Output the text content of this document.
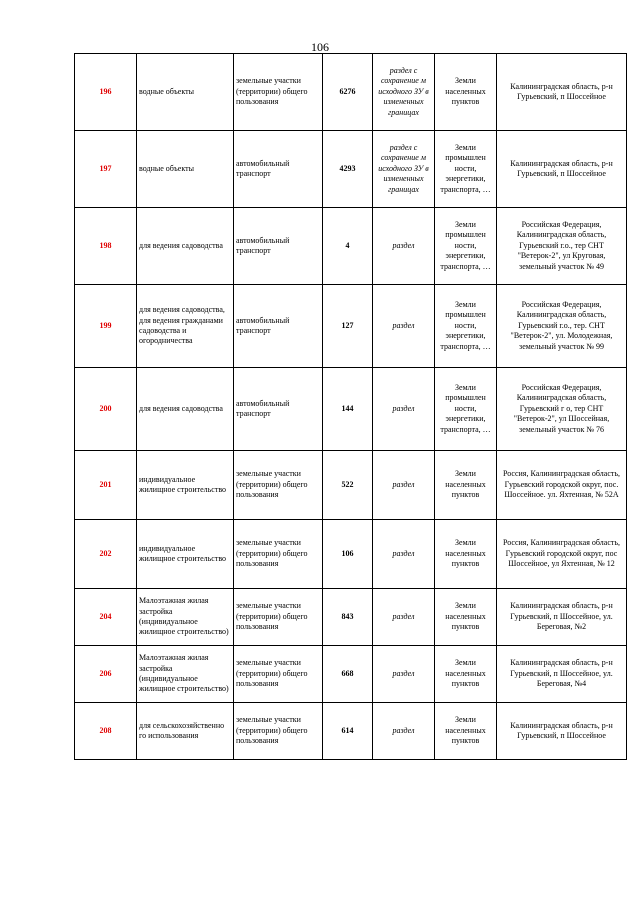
106
196	водные объекты	земельные участки (территории) общего пользования	6276	раздел с сохранение м исходного ЗУ в измененных границах	Земли населенных пунктов	Калининградская область, р-н Гурьевский, п Шоссейное
197	водные объекты	автомобильный транспорт	4293	раздел с сохранение м исходного ЗУ в измененных границах	Земли промышлен ности, энергетики, транспорта, …	Калининградская область, р-н Гурьевский, п Шоссейное
198	для ведения садоводства	автомобильный транспорт	4	раздел	Земли промышлен ности, энергетики, транспорта, …	Российская Федерация, Калининградская область, Гурьевский г.о., тер СНТ "Ветерок-2", ул Круговая, земельный участок № 49
199	для ведения садоводства, для ведения гражданами садоводства и огородничества	автомобильный транспорт	127	раздел	Земли промышлен ности, энергетики, транспорта, …	Российская Федерация, Калининградская область, Гурьевский г.о., тер. СНТ "Ветерок-2", ул. Молодежная, земельный участок № 99
200	для ведения садоводства	автомобильный транспорт	144	раздел	Земли промышлен ности, энергетики, транспорта, …	Российская Федерация, Калининградская область, Гурьевский г о, тер СНТ "Ветерок-2", ул Шоссейная, земельный участок № 76
201	индивидуальное жилищное строительство	земельные участки (территории) общего пользования	522	раздел	Земли населенных пунктов	Россия, Калининградская область, Гурьевский городской округ, пос. Шоссейное. ул. Яхтенная, № 52А
202	индивидуальное жилищное строительство	земельные участки (территории) общего пользования	106	раздел	Земли населенных пунктов	Россия, Калининградская область, Гурьевский городской округ, пос Шоссейное, ул Яхтенная, № 12
204	Малоэтажная жилая застройка (индивидуальное жилищное строительство)	земельные участки (территории) общего пользования	843	раздел	Земли населенных пунктов	Калининградская область, р-н Гурьевский, п Шоссейное, ул. Береговая, №2
206	Малоэтажная жилая застройка (индивидуальное жилищное строительство)	земельные участки (территории) общего пользования	668	раздел	Земли населенных пунктов	Калининградская область, р-н Гурьевский, п Шоссейное, ул. Береговая, №4
208	для сельскохозяйственно го использования	земельные участки (территории) общего пользования	614	раздел	Земли населенных пунктов	Калининградская область, р-н Гурьевский, п Шоссейное
